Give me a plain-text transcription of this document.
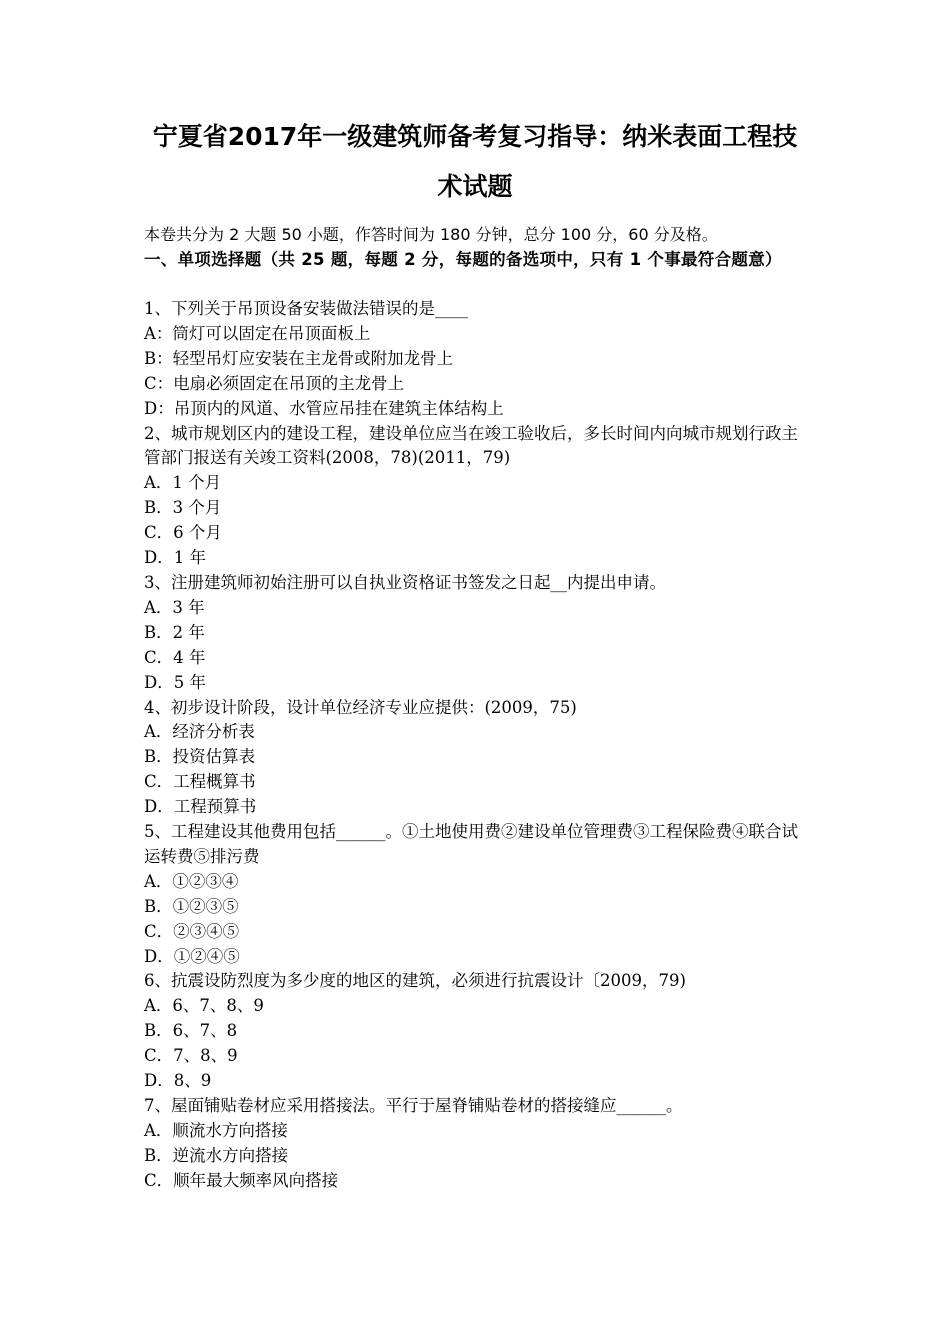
宁夏省2017年一级建筑师备考复习指导：纳米表面工程技
术试题
本卷共分为 2 大题 50 小题，作答时间为 180 分钟，总分 100 分，60 分及格。
一、单项选择题（共 25 题，每题 2 分，每题的备选项中，只有 1 个事最符合题意）

1、下列关于吊顶设备安装做法错误的是____

A：筒灯可以固定在吊顶面板上

B：轻型吊灯应安装在主龙骨或附加龙骨上

C：电扇必须固定在吊顶的主龙骨上

D：吊顶内的风道、水管应吊挂在建筑主体结构上

2、城市规划区内的建设工程，建设单位应当在竣工验收后，多长时间内向城市规划行政主管部门报送有关竣工资料(2008，78)(2011，79)

A．1 个月

B．3 个月

C．6 个月

D．1 年

3、注册建筑师初始注册可以自执业资格证书签发之日起__内提出申请。

A．3 年

B．2 年

C．4 年

D．5 年

4、初步设计阶段，设计单位经济专业应提供：(2009，75)

A．经济分析表

B．投资估算表

C．工程概算书

D．工程预算书

5、工程建设其他费用包括______。①土地使用费②建设单位管理费③工程保险费④联合试运转费⑤排污费

A．①②③④

B．①②③⑤

C．②③④⑤

D．①②④⑤

6、抗震设防烈度为多少度的地区的建筑，必须进行抗震设计〔2009，79)

A．6、7、8、9

B．6、7、8

C．7、8、9

D．8、9

7、屋面铺贴卷材应采用搭接法。平行于屋脊铺贴卷材的搭接缝应______。

A．顺流水方向搭接

B．逆流水方向搭接

C．顺年最大频率风向搭接
